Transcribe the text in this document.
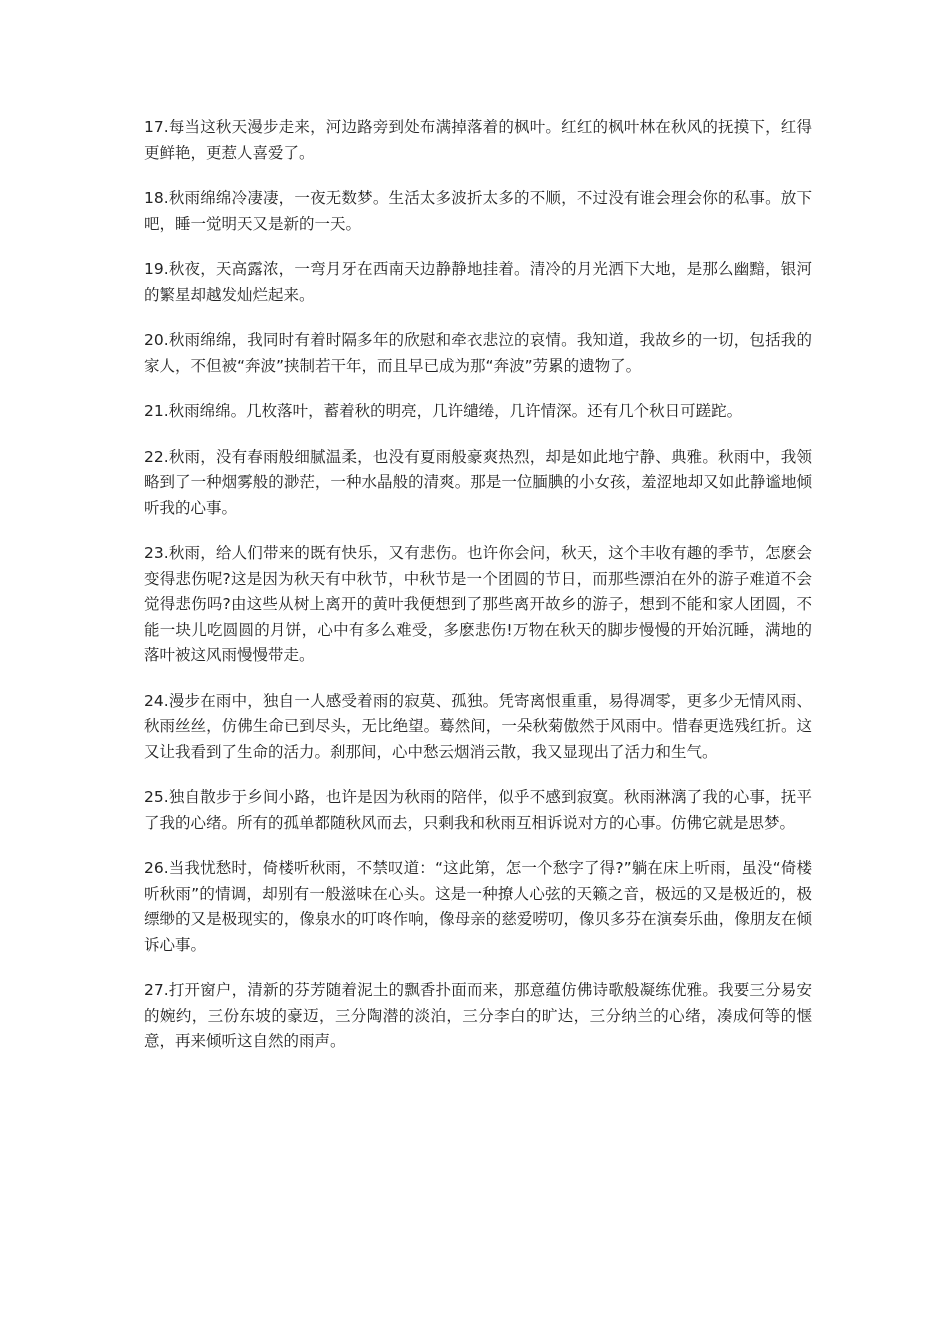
17.每当这秋天漫步走来，河边路旁到处布满掉落着的枫叶。红红的枫叶林在秋风的抚摸下，红得更鲜艳，更惹人喜爱了。

18.秋雨绵绵冷凄凄，一夜无数梦。生活太多波折太多的不顺，不过没有谁会理会你的私事。放下吧，睡一觉明天又是新的一天。

19.秋夜，天高露浓，一弯月牙在西南天边静静地挂着。清冷的月光洒下大地，是那么幽黯，银河的繁星却越发灿烂起来。

20.秋雨绵绵，我同时有着时隔多年的欣慰和牵衣悲泣的哀情。我知道，我故乡的一切，包括我的家人，不但被“奔波”挟制若干年，而且早已成为那“奔波”劳累的遗物了。

21.秋雨绵绵。几枚落叶，蓄着秋的明亮，几许缱绻，几许情深。还有几个秋日可蹉跎。

22.秋雨，没有春雨般细腻温柔，也没有夏雨般豪爽热烈，却是如此地宁静、典雅。秋雨中，我领略到了一种烟雾般的渺茫，一种水晶般的清爽。那是一位腼腆的小女孩，羞涩地却又如此静谧地倾听我的心事。

23.秋雨，给人们带来的既有快乐，又有悲伤。也许你会问，秋天，这个丰收有趣的季节，怎麽会变得悲伤呢?这是因为秋天有中秋节，中秋节是一个团圆的节日，而那些漂泊在外的游子难道不会觉得悲伤吗?由这些从树上离开的黄叶我便想到了那些离开故乡的游子，想到不能和家人团圆，不能一块儿吃圆圆的月饼，心中有多么难受，多麽悲伤!万物在秋天的脚步慢慢的开始沉睡，满地的落叶被这风雨慢慢带走。

24.漫步在雨中，独自一人感受着雨的寂莫、孤独。凭寄离恨重重，易得凋零，更多少无情风雨、秋雨丝丝，仿佛生命已到尽头，无比绝望。蓦然间，一朵秋菊傲然于风雨中。惜春更选残红折。这又让我看到了生命的活力。刹那间，心中愁云烟消云散，我又显现出了活力和生气。

25.独自散步于乡间小路，也许是因为秋雨的陪伴，似乎不感到寂寞。秋雨淋漓了我的心事，抚平了我的心绪。所有的孤单都随秋风而去，只剩我和秋雨互相诉说对方的心事。仿佛它就是思梦。

26.当我忧愁时，倚楼听秋雨，不禁叹道：“这此第，怎一个愁字了得?”躺在床上听雨，虽没“倚楼听秋雨”的情调，却别有一般滋味在心头。这是一种撩人心弦的天籁之音，极远的又是极近的，极缥缈的又是极现实的，像泉水的叮咚作响，像母亲的慈爱唠叨，像贝多芬在演奏乐曲，像朋友在倾诉心事。

27.打开窗户，清新的芬芳随着泥土的飘香扑面而来，那意蕴仿佛诗歌般凝练优雅。我要三分易安的婉约，三份东坡的豪迈，三分陶潜的淡泊，三分李白的旷达，三分纳兰的心绪，凑成何等的惬意，再来倾听这自然的雨声。
